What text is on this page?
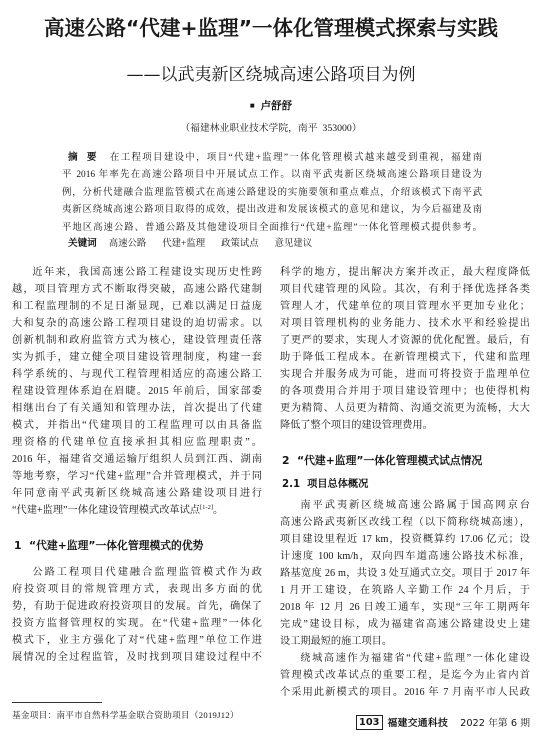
高速公路“代建+监理”一体化管理模式探索与实践
——以武夷新区绕城高速公路项目为例
■ 卢舒舒
（福建林业职业技术学院，南平  353000）
摘 要 在工程项目建设中，项目“代建+监理”一体化管理模式越来越受到重视，福建南
平 2016 年率先在高速公路项目中开展试点工作。以南平武夷新区绕城高速公路项目建设为
例，分析代建融合监理监管模式在高速公路建设的实施要领和重点难点，介绍该模式下南平武
夷新区绕城高速公路项目取得的成效，提出改进和发展该模式的意见和建议，为今后福建及南
平地区高速公路、普通公路及其他建设项目全面推行“代建+监理”一体化管理模式提供参考。
关键词 高速公路 代建+监理 政策试点 意见建议
近年来，我国高速公路工程建设实现历史性跨
越，项目管理方式不断取得突破，高速公路代建制
和工程监理制的不足日渐显现，已难以满足日益庞
大和复杂的高速公路工程项目建设的迫切需求。以
创新机制和政府监管方式为核心，建设管理责任落
实为抓手，建立健全项目建设管理制度，构建一套
科学系统的、与现代工程管理相适应的高速公路工
程建设管理体系迫在眉睫。2015 年前后，国家部委
相继出台了有关通知和管理办法，首次提出了代建
模式，并指出“代建项目的工程监理可以由具备监
理资格的代建单位直接承担其相应监理职责”。
2016 年，福建省交通运输厅组织人员到江西、湖南
等地考察，学习“代建+监理”合并管理模式，并于同
年同意南平武夷新区绕城高速公路建设项目进行
“代建+监理”一体化建设管理模式改革试点[1-2]。
1  “代建+监理”一体化管理模式的优势
公路工程项目代建融合监理监管模式作为政
府投资项目的常规管理方式，表现出多方面的优
势，有助于促进政府投资项目的发展。首先，确保了
投资方监督管理权的实现。在“代建+监理”一体化
模式下，业主方强化了对“代建+监理”单位工作进
展情况的全过程监管，及时找到项目建设过程中不
科学的地方，提出解决方案并改正，最大程度降低
项目代建管理的风险。其次，有利于择优选择各类
管理人才，代建单位的项目管理水平更加专业化；
对项目管理机构的业务能力、技术水平和经验提出
了更严的要求，实现人才资源的优化配置。最后，有
助于降低工程成本。在新管理模式下，代建和监理
实现合并服务成为可能，进而可将投资于监理单位
的各项费用合并用于项目建设管理中；也使得机构
更为精简、人员更为精简、沟通交流更为流畅，大大
降低了整个项目的建设管理费用。
2  “代建+监理”一体化管理模式试点情况
2.1  项目总体概况
南平武夷新区绕城高速公路属于国高网京台
高速公路武夷新区改线工程（以下简称绕城高速），
项目建设里程近 17 km，投资概算约 17.06 亿元；设
计速度 100 km/h，双向四车道高速公路技术标准，
路基宽度 26 m，共设 3 处互通式立交。项目于 2017 年
1 月开工建设，在筑路人辛勤工作 24 个月后，于
2018 年 12 月 26 日竣工通车，实现“三年工期两年
完成”建设目标，成为福建省高速公路建设史上建
设工期最短的施工项目。
绕城高速作为福建省“代建+监理”一体化建设
管理模式改革试点的重要工程，是迄今为止省内首
个采用此新模式的项目。2016 年 7 月南平市人民政
基金项目：南平市自然科学基金联合资助项目（2019J12）
103 福建交通科技 2022 年第 6 期
